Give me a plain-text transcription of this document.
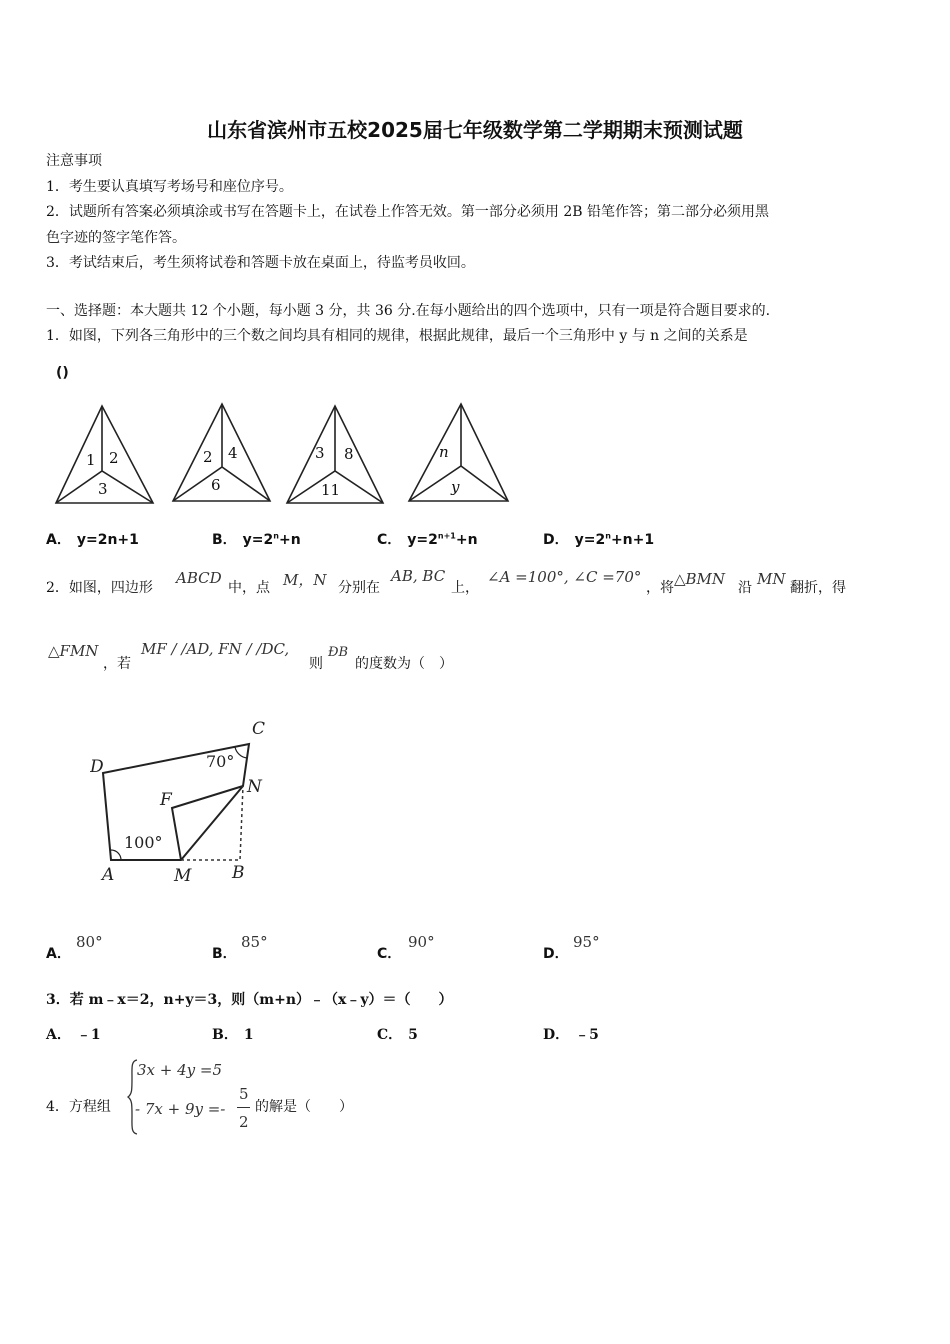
山东省滨州市五校2025届七年级数学第二学期期末预测试题
注意事项
1．考生要认真填写考场号和座位序号。
2．试题所有答案必须填涂或书写在答题卡上，在试卷上作答无效。第一部分必须用 2B 铅笔作答；第二部分必须用黑
色字迹的签字笔作答。
3．考试结束后，考生须将试卷和答题卡放在桌面上，待监考员收回。
一、选择题：本大题共 12 个小题，每小题 3 分，共 36 分.在每小题给出的四个选项中，只有一项是符合题目要求的.
1．如图，下列各三角形中的三个数之间均具有相同的规律，根据此规律，最后一个三角形中 y 与 n 之间的关系是
()
1 2
3
2 4
6
3 8
11
n
y
A． y=2n+1	B． $y=2^n+n$	C． $y=2^{n+1}+n$	D． $y=2^n+n+1$
2．如图，四边形
ABCD
中，点 M，N 分别在
AB, BC
上，
∠A =100°, ∠C =70°
，将 △BMN 沿 MN 翻折，得
△FMN
，若
MF / /AD, FN / /DC,
则
ÐB
的度数为（　）
D
C
F
N
A	M B
100°
70°
A．
80°
B．
85°
C．
90°
D．
95°
3．若 m﹣x＝2，n+y＝3，则（m+n）﹣（x﹣y）＝（　　）
A． ﹣1	B． 1	C． 5	D． ﹣5
4．方程组
3x + 4y =5
- 7x + 9y =-
5
2
的解是（　　）
